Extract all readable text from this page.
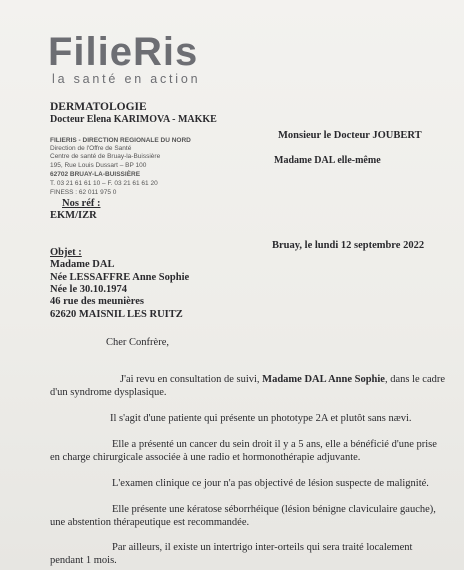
FilieRis
la santé en action
DERMATOLOGIE
Docteur Elena KARIMOVA - MAKKE
FILIERIS - DIRECTION REGIONALE DU NORD
Direction de l'Offre de Santé
Centre de santé de Bruay-la-Buissière
195, Rue Louis Dussart – BP 100
62702 BRUAY-LA-BUISSIÈRE
T. 03 21 61 61 10 – F. 03 21 61 61 20
FINESS : 62 011 975 0
Monsieur le Docteur JOUBERT
Madame DAL elle-même
Nos réf :
EKM/IZR
Bruay, le lundi 12 septembre 2022
Objet :
Madame DAL
Née LESSAFFRE Anne Sophie
Née le 30.10.1974
46 rue des meunières
62620 MAISNIL LES RUITZ
Cher Confrère,
J'ai revu en consultation de suivi, Madame DAL Anne Sophie, dans le cadre
d'un syndrome dysplasique.
Il s'agit d'une patiente qui présente un phototype 2A et plutôt sans nævi.
Elle a présenté un cancer du sein droit il y a 5 ans, elle a bénéficié d'une prise
en charge chirurgicale associée à une radio et hormonothérapie adjuvante.
L'examen clinique ce jour n'a pas objectivé de lésion suspecte de malignité.
Elle présente une kératose séborrhéique (lésion bénigne claviculaire gauche),
une abstention thérapeutique est recommandée.
Par ailleurs, il existe un intertrigo inter-orteils qui sera traité localement
pendant 1 mois.
